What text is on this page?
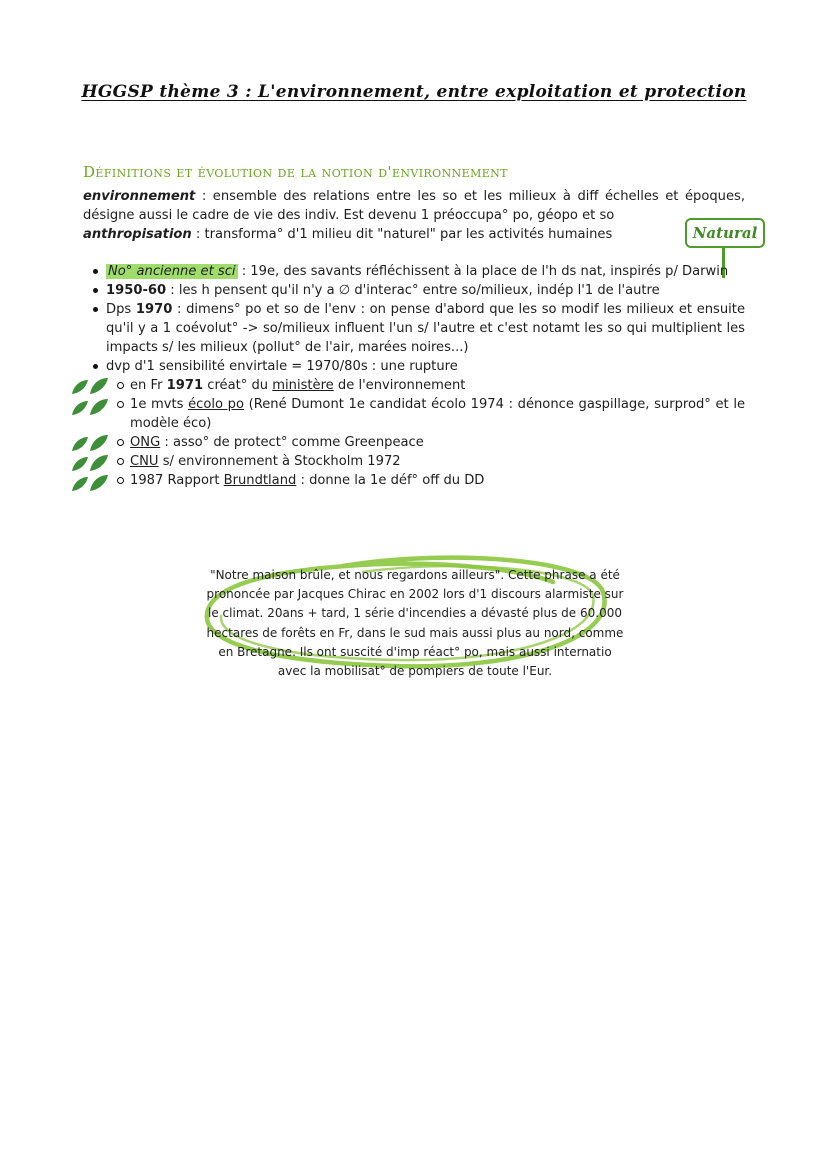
HGGSP thème 3 : L'environnement, entre exploitation et protection
Définitions et évolution de la notion d'environnement

environnement : ensemble des relations entre les so et les milieux à diff échelles et époques, désigne aussi le cadre de vie des indiv. Est devenu 1 préoccupa° po, géopo et so

anthropisation : transforma° d'1 milieu dit "naturel" par les activités humaines	Natural
No° ancienne et sci : 19e, des savants réfléchissent à la place de l'h ds nat, inspirés p/ Darwin
1950-60 : les h pensent qu'il n'y a ∅ d'interac° entre so/milieux, indép l'1 de l'autre
Dps 1970 : dimens° po et so de l'env : on pense d'abord que les so modif les milieux et ensuite qu'il y a 1 coévolut° -> so/milieux influent l'un s/ l'autre et c'est notamt les so qui multiplient les impacts s/ les milieux (pollut° de l'air, marées noires...)
dvp d'1 sensibilité envirtale = 1970/80s : une rupture
en Fr 1971 créat° du ministère de l'environnement
1e mvts écolo po (René Dumont 1e candidat écolo 1974 : dénonce gaspillage, surprod° et le modèle éco)
ONG : asso° de protect° comme Greenpeace
CNU s/ environnement à Stockholm 1972
1987 Rapport Brundtland : donne la 1e déf° off du DD

"Notre maison brûle, et nous regardons ailleurs". Cette phrase a été

prononcée par Jacques Chirac en 2002 lors d'1 discours alarmiste sur

le climat. 20ans + tard, 1 série d'incendies a dévasté plus de 60.000

hectares de forêts en Fr, dans le sud mais aussi plus au nord, comme

en Bretagne. Ils ont suscité d'imp réact° po, mais aussi internatio

avec la mobilisat° de pompiers de toute l'Eur.
